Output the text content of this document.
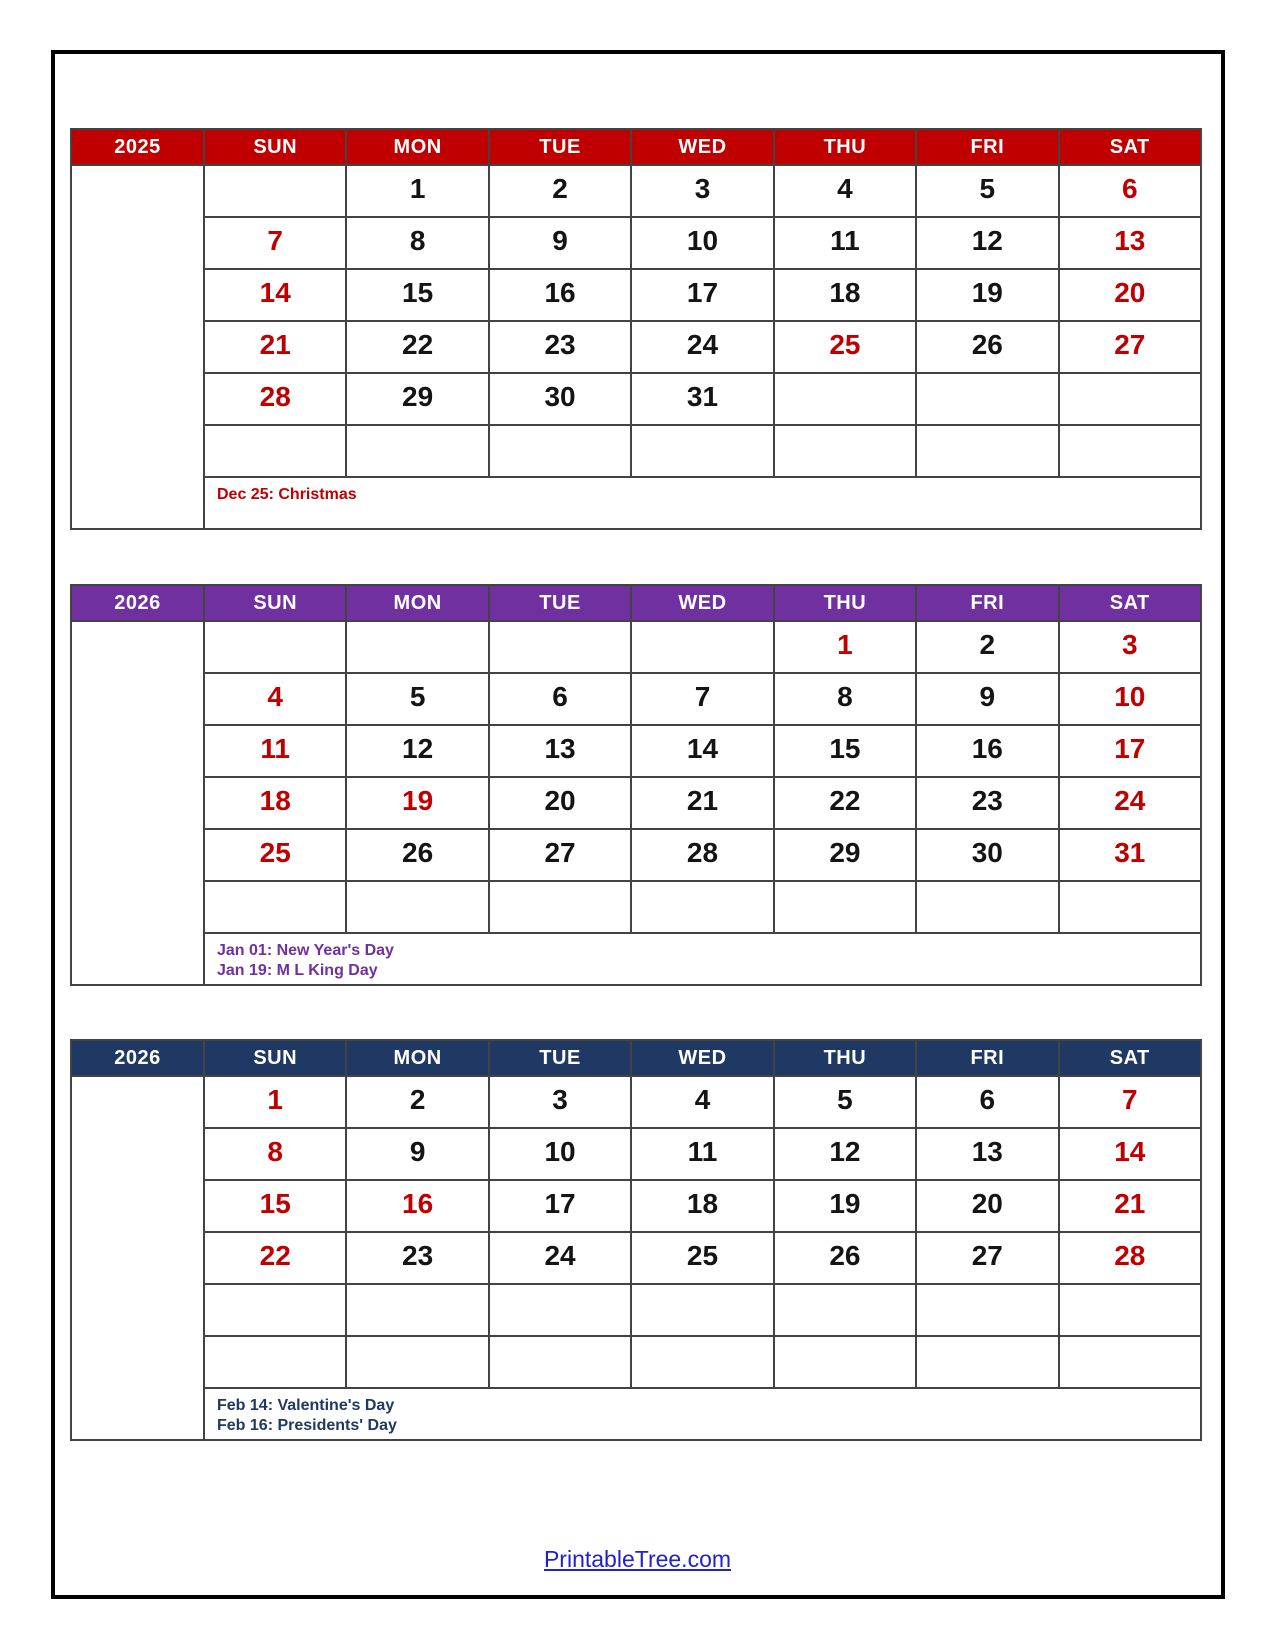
2025	SUN	MON	TUE	WED	THU	FRI	SAT
December		1	2	3	4	5	6
	7	8	9	10	11	12	13
	14	15	16	17	18	19	20
	21	22	23	24	25	26	27
	28	29	30	31			

	Dec 25: Christmas						
2026	SUN	MON	TUE	WED	THU	FRI	SAT
January					1	2	3
	4	5	6	7	8	9	10
	11	12	13	14	15	16	17
	18	19	20	21	22	23	24
	25	26	27	28	29	30	31

	Jan 01: New Year's Day
Jan 19: M L King Day						
2026	SUN	MON	TUE	WED	THU	FRI	SAT
February	1	2	3	4	5	6	7
	8	9	10	11	12	13	14
	15	16	17	18	19	20	21
	22	23	24	25	26	27	28

	Feb 14: Valentine's Day
Feb 16: Presidents' Day						
PrintableTree.com
